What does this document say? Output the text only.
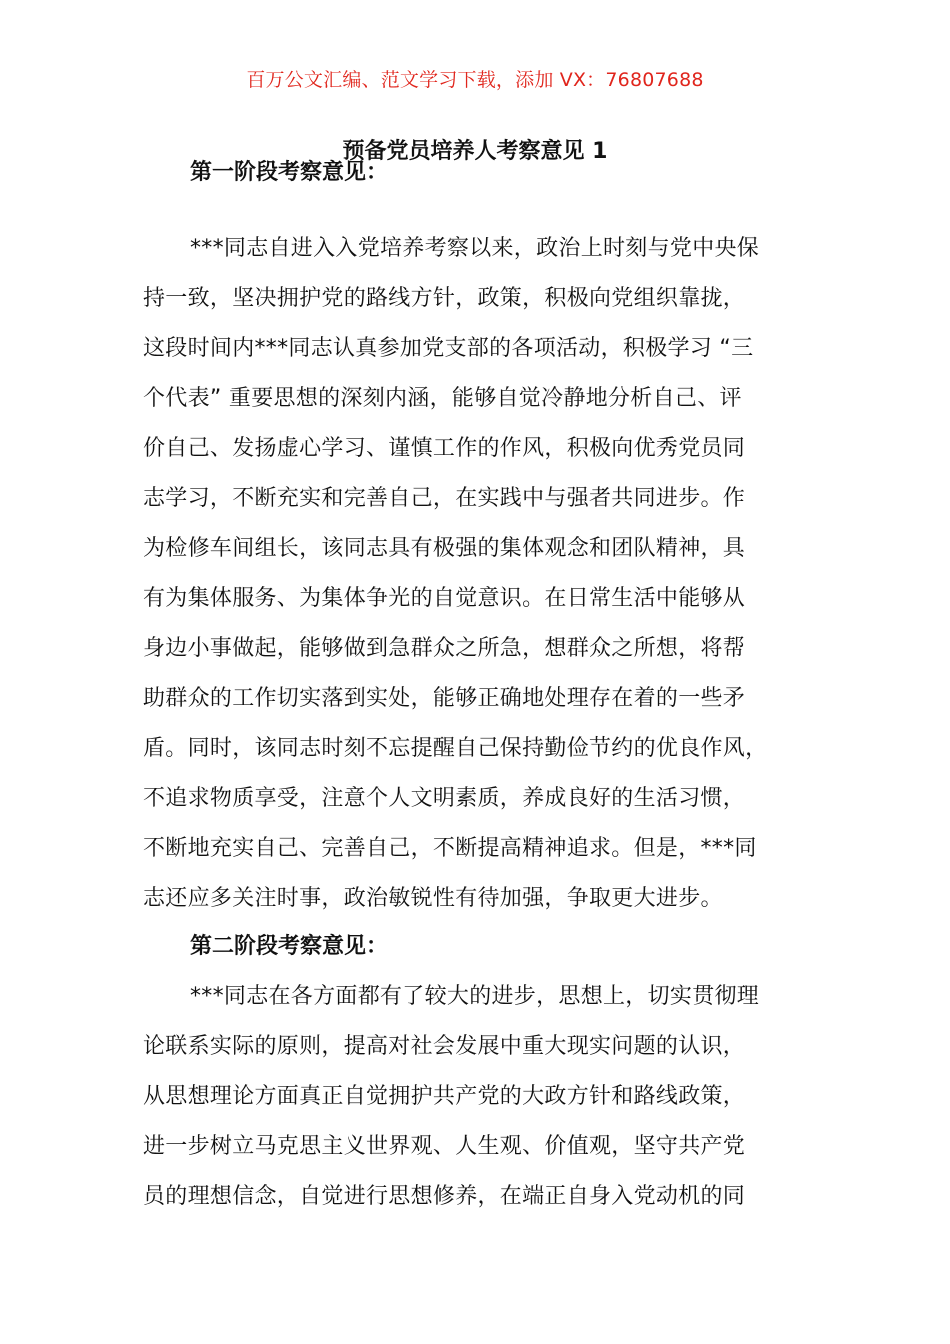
百万公文汇编、范文学习下载，添加 VX：76807688
预备党员培养人考察意见 1
第一阶段考察意见：
***同志自进入入党培养考察以来，政治上时刻与党中央保
持一致，坚决拥护党的路线方针，政策，积极向党组织靠拢，
这段时间内***同志认真参加党支部的各项活动，积极学习 “三
个代表” 重要思想的深刻内涵，能够自觉冷静地分析自己、评
价自己、发扬虚心学习、谨慎工作的作风，积极向优秀党员同
志学习，不断充实和完善自己，在实践中与强者共同进步。作
为检修车间组长，该同志具有极强的集体观念和团队精神，具
有为集体服务、为集体争光的自觉意识。在日常生活中能够从
身边小事做起，能够做到急群众之所急，想群众之所想，将帮
助群众的工作切实落到实处，能够正确地处理存在着的一些矛
盾。同时，该同志时刻不忘提醒自己保持勤俭节约的优良作风，
不追求物质享受，注意个人文明素质，养成良好的生活习惯，
不断地充实自己、完善自己，不断提高精神追求。但是，***同
志还应多关注时事，政治敏锐性有待加强，争取更大进步。
第二阶段考察意见：
***同志在各方面都有了较大的进步，思想上，切实贯彻理
论联系实际的原则，提高对社会发展中重大现实问题的认识，
从思想理论方面真正自觉拥护共产党的大政方针和路线政策，
进一步树立马克思主义世界观、人生观、价值观，坚守共产党
员的理想信念，自觉进行思想修养，在端正自身入党动机的同
